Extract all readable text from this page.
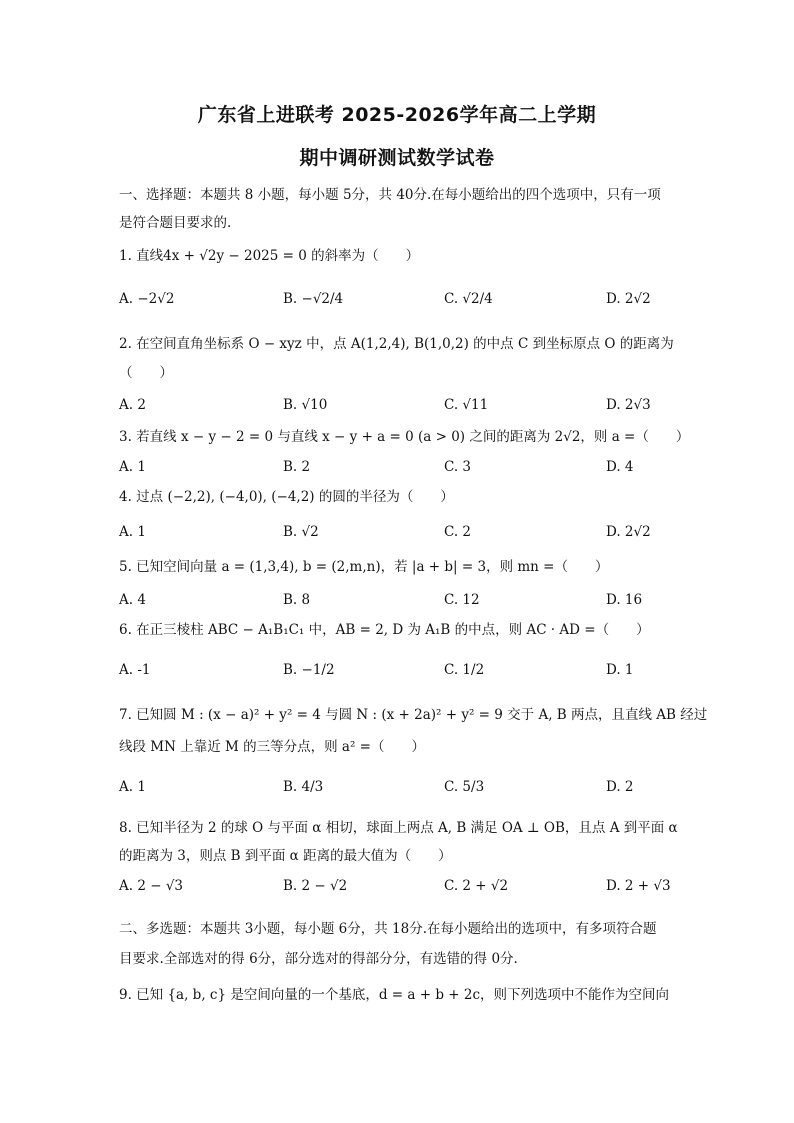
广东省上进联考 2025-2026学年高二上学期
期中调研测试数学试卷
一、选择题：本题共 8 小题，每小题 5分，共 40分.在每小题给出的四个选项中，只有一项
是符合题目要求的.
1. 直线4x + √2y − 2025 = 0 的斜率为（　　）
A. −2√2	B. −√2/4	C. √2/4	D. 2√2
2. 在空间直角坐标系 O − xyz 中，点 A(1,2,4), B(1,0,2) 的中点 C 到坐标原点 O 的距离为
（　　）
A. 2	B. √10	C. √11	D. 2√3
3. 若直线 x − y − 2 = 0 与直线 x − y + a = 0 (a > 0) 之间的距离为 2√2，则 a =（　　）
A. 1	B. 2	C. 3	D. 4
4. 过点 (−2,2), (−4,0), (−4,2) 的圆的半径为（　　）
A. 1	B. √2	C. 2	D. 2√2
5. 已知空间向量 a = (1,3,4), b = (2,m,n)，若 |a + b| = 3，则 mn =（　　）
A. 4	B. 8	C. 12	D. 16
6. 在正三棱柱 ABC − A₁B₁C₁ 中，AB = 2, D 为 A₁B 的中点，则 AC · AD =（　　）
A. -1	B. −1/2	C. 1/2	D. 1
7. 已知圆 M : (x − a)² + y² = 4 与圆 N : (x + 2a)² + y² = 9 交于 A, B 两点，且直线 AB 经过
线段 MN 上靠近 M 的三等分点，则 a² =（　　）
A. 1	B. 4/3	C. 5/3	D. 2
8. 已知半径为 2 的球 O 与平面 α 相切，球面上两点 A, B 满足 OA ⊥ OB，且点 A 到平面 α
的距离为 3，则点 B 到平面 α 距离的最大值为（　　）
A. 2 − √3	B. 2 − √2	C. 2 + √2	D. 2 + √3
二、多选题：本题共 3小题，每小题 6分，共 18分.在每小题给出的选项中，有多项符合题
目要求.全部选对的得 6分，部分选对的得部分分，有选错的得 0分.
9. 已知 {a, b, c} 是空间向量的一个基底，d = a + b + 2c，则下列选项中不能作为空间向
